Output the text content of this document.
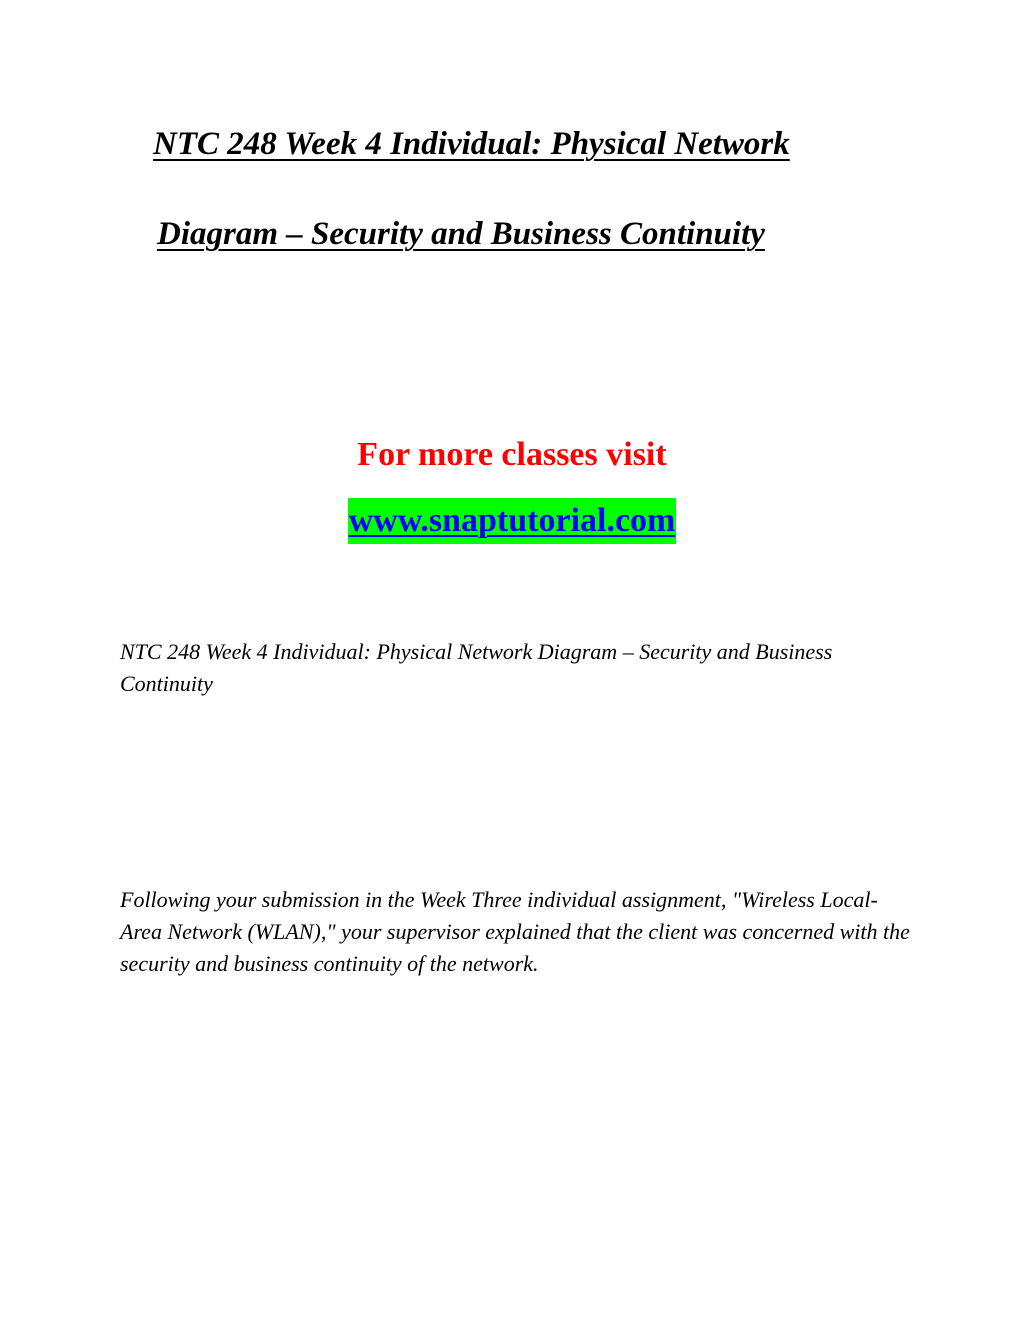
NTC 248 Week 4 Individual: Physical Network
Diagram – Security and Business Continuity
For more classes visit
www.snaptutorial.com

NTC 248 Week 4 Individual: Physical Network Diagram – Security and Business Continuity

Following your submission in the Week Three individual assignment, "Wireless Local-Area Network (WLAN)," your supervisor explained that the client was concerned with the security and business continuity of the network.
